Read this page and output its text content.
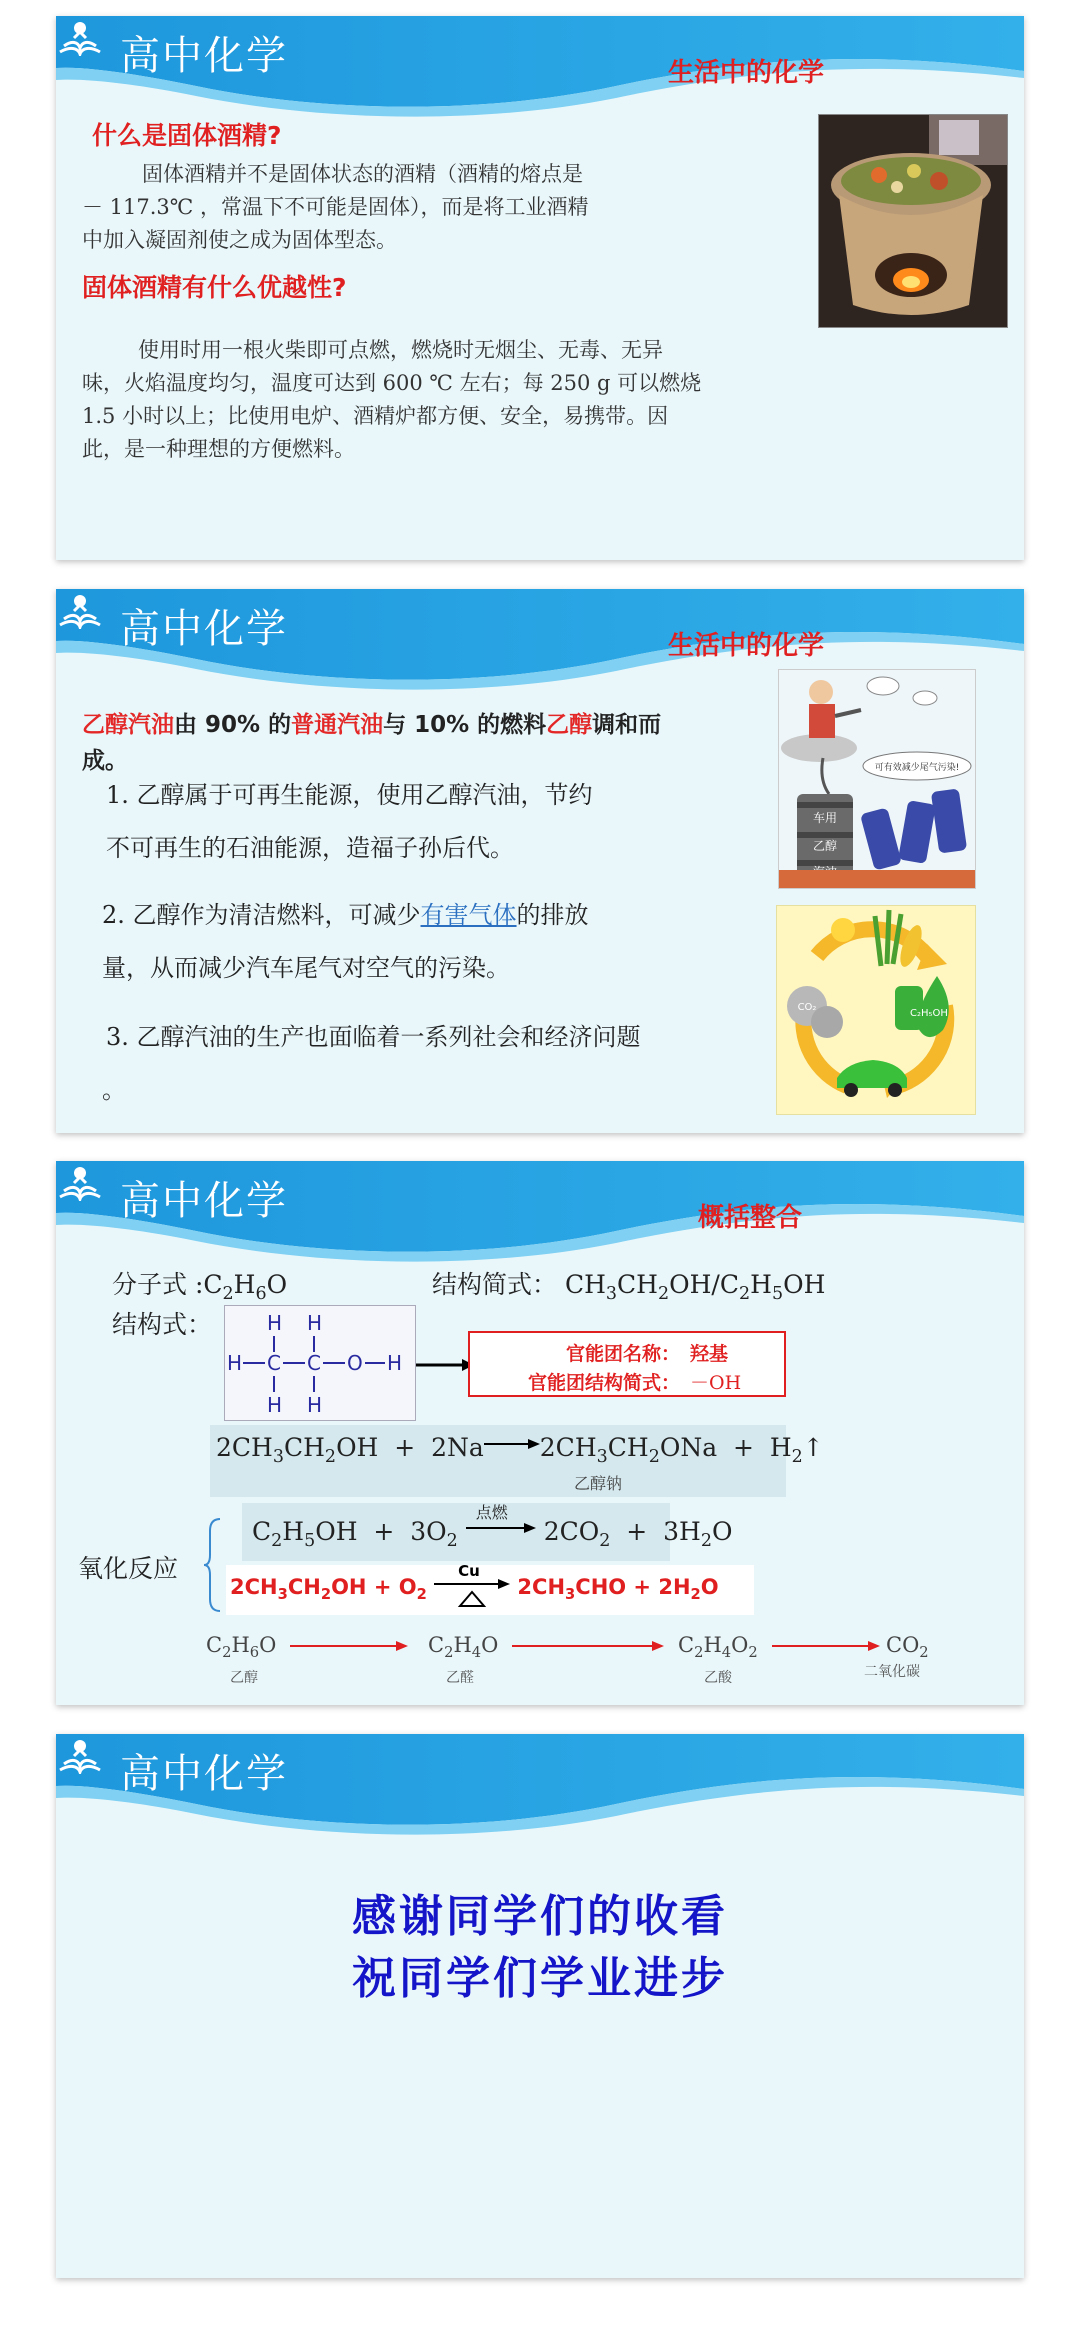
高中化学	生活中的化学
什么是固体酒精?
固体酒精并不是固体状态的酒精（酒精的熔点是
－ 117.3℃ ，常温下不可能是固体），而是将工业酒精
中加入凝固剂使之成为固体型态。
固体酒精有什么优越性?
使用时用一根火柴即可点燃，燃烧时无烟尘、无毒、无异
味，火焰温度均匀，温度可达到 600 ℃ 左右；每 250 g 可以燃烧
1.5 小时以上；比使用电炉、酒精炉都方便、安全，易携带。因
此，是一种理想的方便燃料。
高中化学	生活中的化学
乙醇汽油由 90% 的普通汽油与 10% 的燃料乙醇调和而
成。
1. 乙醇属于可再生能源，使用乙醇汽油，节约
不可再生的石油能源，造福子孙后代。
2. 乙醇作为清洁燃料，可减少有害气体的排放
量，从而减少汽车尾气对空气的污染。
3. 乙醇汽油的生产也面临着一系列社会和经济问题
。
可有效减少尾气污染!
车用
乙醇
CO₂
C₂H₅OH
高中化学	概括整合
分子式 $:C_2H_6O$	结构简式： $CH_3CH_2OH/C_2H_5OH$
结构式：	H H
H C C O H
H H
官能团名称： 羟基
官能团结构简式： －OH
$2CH_3CH_2OH + 2Na$ $2CH_3CH_2ONa$  +  $H_2↑$
乙醇钠
氧化反应
$C_2H_5OH + 3O_2$
点燃
$2CO_2 + 3H_2O$
$2CH_3CH_2OH + O_2$
Cu
$2CH_3CHO + 2H_2O$
$C_2H_6O$	$C_2H_4O$	$C_2H_4O_2$	$CO_2$
乙醇	乙醛	乙酸	二氧化碳
高中化学
感谢同学们的收看
祝同学们学业进步
